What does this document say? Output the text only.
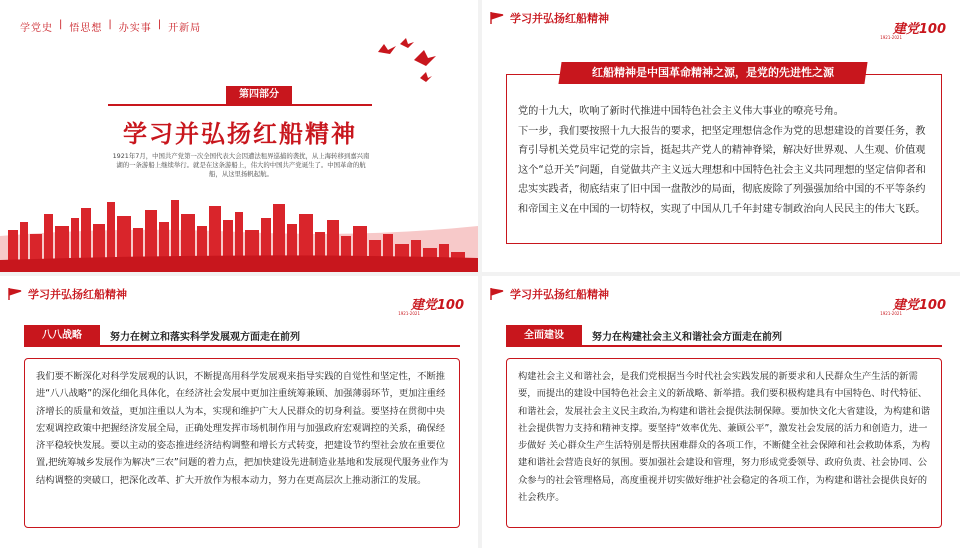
学党史 | 悟思想 | 办实事 | 开新局
第四部分
学习并弘扬红船精神
1921年7月，中国共产党第一次全国代表大会因遭法租界巡捕的袭扰，从上海转移到嘉兴南湖的一条游船上继续举行。就是在这条游船上，伟大的中国共产党诞生了。中国革命的航船，从这里扬帆起航。
学习并弘扬红船精神
建党100
1921-2021
红船精神是中国革命精神之源，是党的先进性之源

党的十九大，吹响了新时代推进中国特色社会主义伟大事业的嘹亮号角。

下一步，我们要按照十九大报告的要求，把坚定理想信念作为党的思想建设的首要任务，教育引导机关党员牢记党的宗旨，挺起共产党人的精神脊梁，解决好世界观、人生观、价值观这个“总开关”问题，自觉做共产主义远大理想和中国特色社会主义共同理想的坚定信仰者和忠实实践者，彻底结束了旧中国一盘散沙的局面，彻底废除了列强强加给中国的不平等条约和帝国主义在中国的一切特权，实现了中国从几千年封建专制政治向人民民主的伟大飞跃。

学习并弘扬红船精神
建党100
1921-2021
八八战略	努力在树立和落实科学发展观方面走在前列
我们要不断深化对科学发展观的认识，不断提高用科学发展观来指导实践的自觉性和坚定性，不断推进“八八战略”的深化细化具体化，在经济社会发展中更加注重统筹兼顾、加强薄弱环节，更加注重经济增长的质量和效益，更加注重以人为本，实现和维护广大人民群众的切身利益。要坚持在贯彻中央宏观调控政策中把握经济发展全局，正确处理发挥市场机制作用与加强政府宏观调控的关系，确保经济平稳较快发展。要以主动的姿态推进经济结构调整和增长方式转变，把建设节约型社会放在重要位置,把统筹城乡发展作为解决“三农”问题的着力点，把加快建设先进制造业基地和发展现代服务业作为结构调整的突破口，把深化改革、扩大开放作为根本动力，努力在更高层次上推动浙江的发展。
学习并弘扬红船精神
建党100
1921-2021
全面建设	努力在构建社会主义和谐社会方面走在前列
构建社会主义和谐社会，是我们党根据当今时代社会实践发展的新要求和人民群众生产生活的新需要，而提出的建设中国特色社会主义的新战略、新举措。我们要积极构建具有中国特色、时代特征、和谐社会，发展社会主义民主政治,为构建和谐社会提供法制保障。要加快文化大省建设，为构建和谐社会提供智力支持和精神支撑。要坚持“效率优先、兼顾公平”，激发社会发展的活力和创造力，进一步做好 关心群众生产生活特别是帮扶困难群众的各项工作，不断健全社会保障和社会救助体系，为构建和谐社会营造良好的氛围。要加强社会建设和管理，努力形成党委领导、政府负责、社会协同、公众参与的社会管理格局，高度重视并切实做好维护社会稳定的各项工作，为构建和谐社会提供良好的社会秩序。
